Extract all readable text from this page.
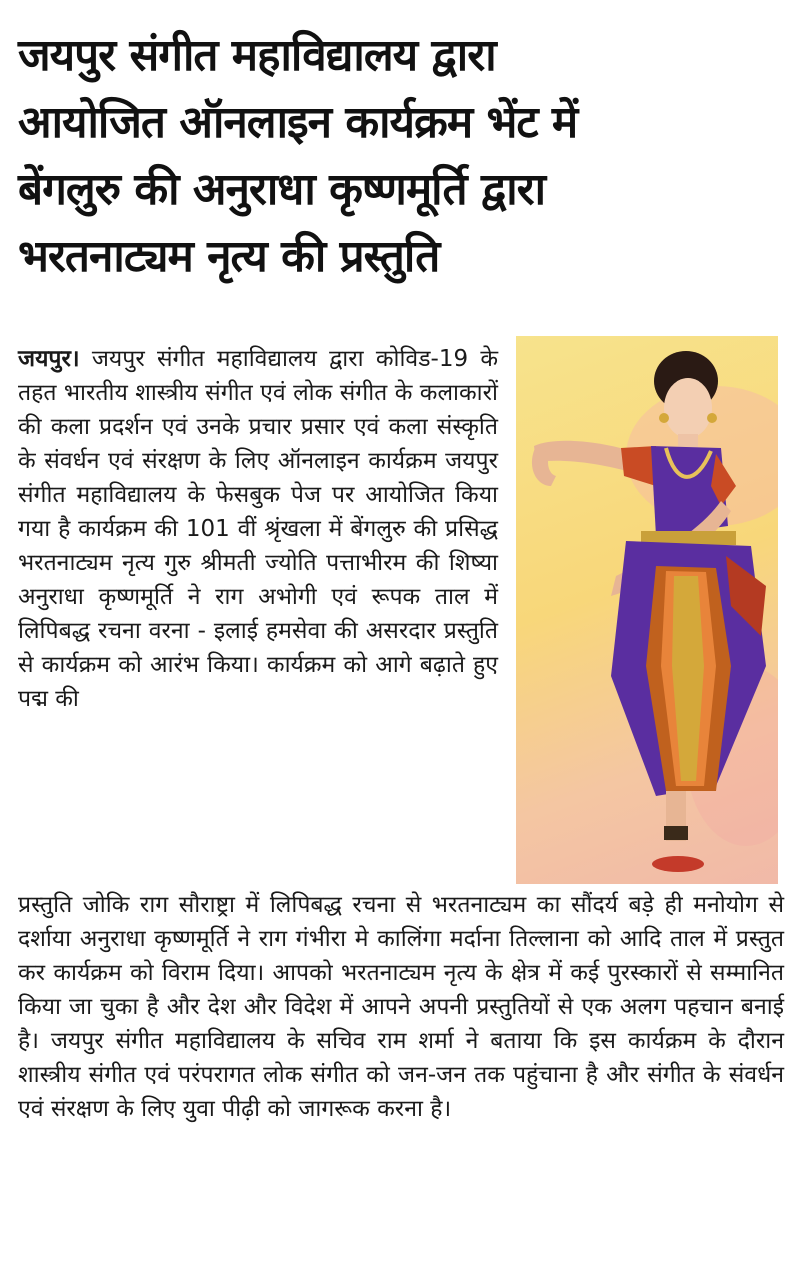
जयपुर संगीत महाविद्यालय द्वारा
आयोजित ऑनलाइन कार्यक्रम भेंट में
बेंगलुरु की अनुराधा कृष्णमूर्ति द्वारा
भरतनाट्यम नृत्य की प्रस्तुति
जयपुर। जयपुर संगीत महाविद्यालय द्वारा कोविड-19 के तहत भारतीय शास्त्रीय संगीत एवं लोक संगीत के कलाकारों की कला प्रदर्शन एवं उनके प्रचार प्रसार एवं कला संस्कृति के संवर्धन एवं संरक्षण के लिए ऑनलाइन कार्यक्रम जयपुर संगीत महाविद्यालय के फेसबुक पेज पर आयोजित किया गया है कार्यक्रम की 101 वीं श्रृंखला में बेंगलुरु की प्रसिद्ध भरतनाट्यम नृत्य गुरु श्रीमती ज्योति पत्ताभीरम की शिष्या अनुराधा कृष्णमूर्ति ने राग अभोगी एवं रूपक ताल में लिपिबद्ध रचना वरना - इलाई हमसेवा की असरदार प्रस्तुति से कार्यक्रम को आरंभ किया। कार्यक्रम को आगे बढ़ाते हुए पद्म की
प्रस्तुति जोकि राग सौराष्ट्रा में लिपिबद्ध रचना से भरतनाट्यम का सौंदर्य बड़े ही मनोयोग से दर्शाया अनुराधा कृष्णमूर्ति ने राग गंभीरा मे कालिंगा मर्दाना तिल्लाना को आदि ताल में प्रस्तुत कर कार्यक्रम को विराम दिया। आपको भरतनाट्यम नृत्य के क्षेत्र में कई पुरस्कारों से सम्मानित किया जा चुका है और देश और विदेश में आपने अपनी प्रस्तुतियों से एक अलग पहचान बनाई है। जयपुर संगीत महाविद्यालय के सचिव राम शर्मा ने बताया कि इस कार्यक्रम के दौरान शास्त्रीय संगीत एवं परंपरागत लोक संगीत को जन-जन तक पहुंचाना है और संगीत के संवर्धन एवं संरक्षण के लिए युवा पीढ़ी को जागरूक करना है।
